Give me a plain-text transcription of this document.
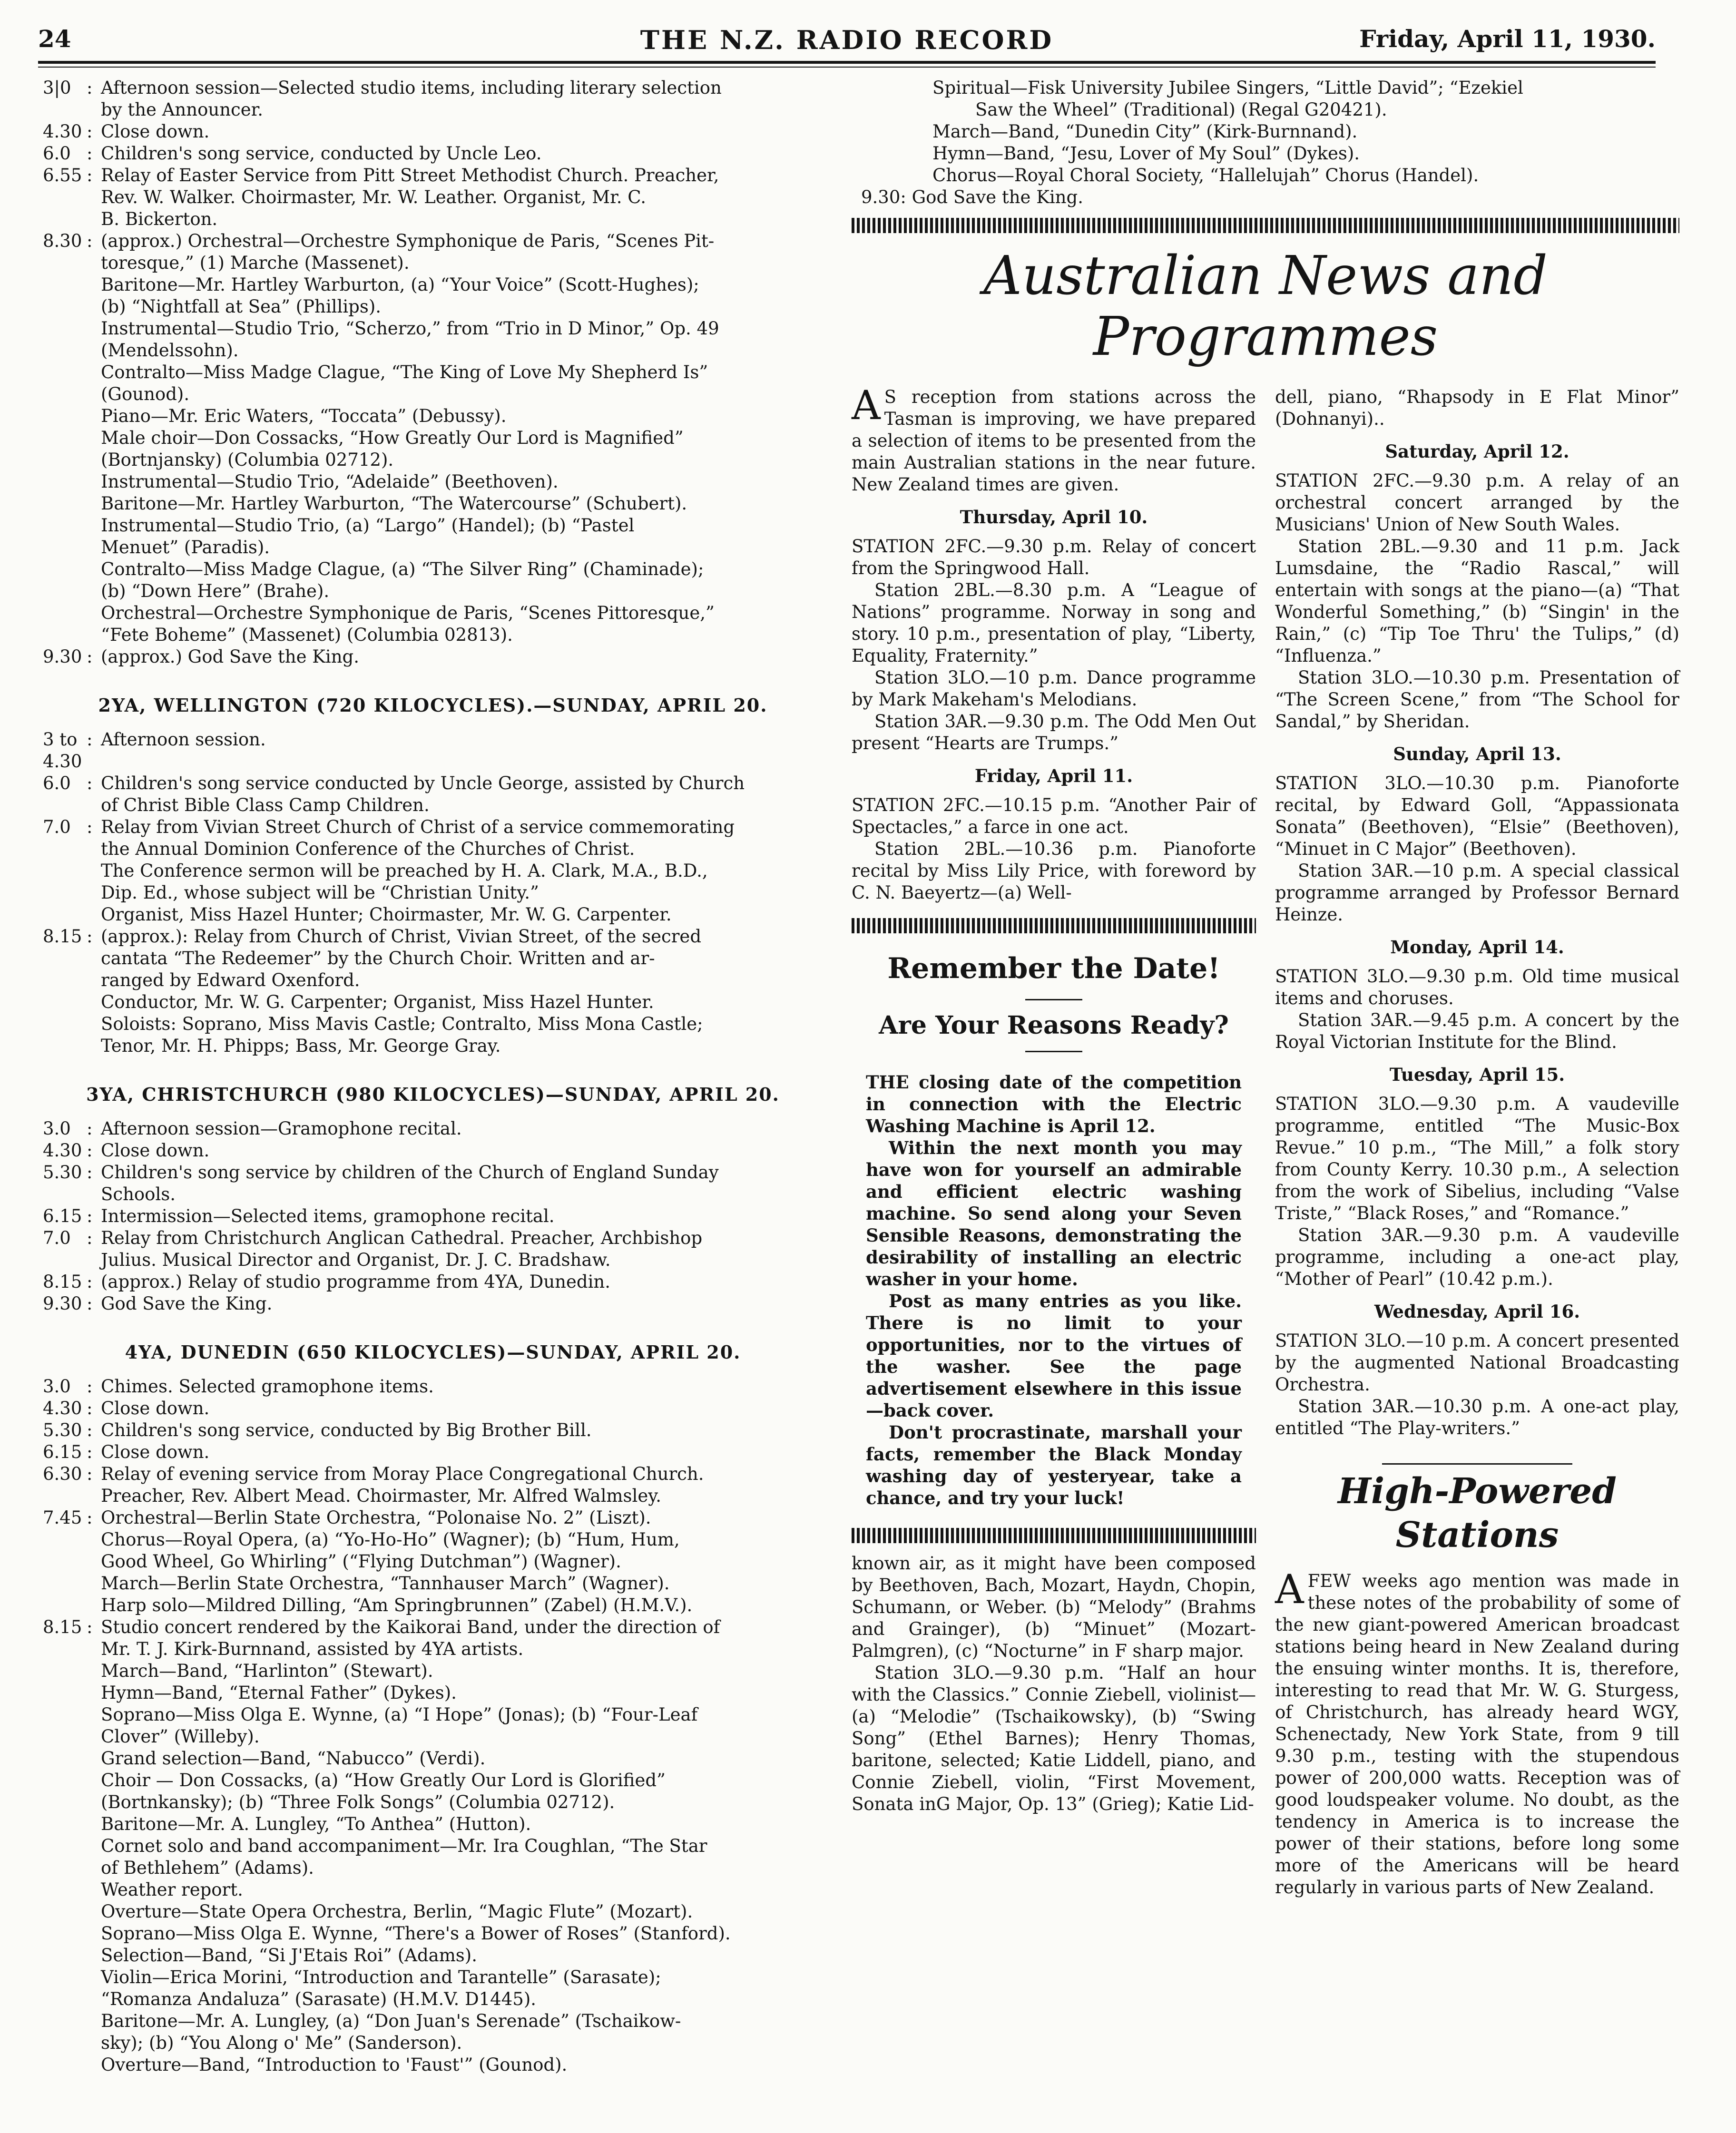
24	THE N.Z. RADIO RECORD	Friday, April 11, 1930.
3|0 : Afternoon session—Selected studio items, including literary selection

by the Announcer.

4.30 : Close down.
6.0 : Children's song service, conducted by Uncle Leo.
6.55 : Relay of Easter Service from Pitt Street Methodist Church. Preacher,

Rev. W. Walker. Choirmaster, Mr. W. Leather. Organist, Mr. C.

B. Bickerton.

8.30 : (approx.) Orchestral—Orchestre Symphonique de Paris, “Scenes Pit-

toresque,” (1) Marche (Massenet).

Baritone—Mr. Hartley Warburton, (a) “Your Voice” (Scott-Hughes);

(b) “Nightfall at Sea” (Phillips).

Instrumental—Studio Trio, “Scherzo,” from “Trio in D Minor,” Op. 49

(Mendelssohn).

Contralto—Miss Madge Clague, “The King of Love My Shepherd Is”

(Gounod).

Piano—Mr. Eric Waters, “Toccata” (Debussy).

Male choir—Don Cossacks, “How Greatly Our Lord is Magnified”

(Bortnjansky) (Columbia 02712).

Instrumental—Studio Trio, “Adelaide” (Beethoven).

Baritone—Mr. Hartley Warburton, “The Watercourse” (Schubert).

Instrumental—Studio Trio, (a) “Largo” (Handel); (b) “Pastel

Menuet” (Paradis).

Contralto—Miss Madge Clague, (a) “The Silver Ring” (Chaminade);

(b) “Down Here” (Brahe).

Orchestral—Orchestre Symphonique de Paris, “Scenes Pittoresque,”

“Fete Boheme” (Massenet) (Columbia 02813).

9.30 : (approx.) God Save the King.
2YA, WELLINGTON (720 KILOCYCLES).—SUNDAY, APRIL 20.
3 to 4.30
: Afternoon session.
6.0 : Children's song service conducted by Uncle George, assisted by Church

of Christ Bible Class Camp Children.

7.0 : Relay from Vivian Street Church of Christ of a service commemorating

the Annual Dominion Conference of the Churches of Christ.

The Conference sermon will be preached by H. A. Clark, M.A., B.D.,

Dip. Ed., whose subject will be “Christian Unity.”

Organist, Miss Hazel Hunter; Choirmaster, Mr. W. G. Carpenter.

8.15 : (approx.): Relay from Church of Christ, Vivian Street, of the secred

cantata “The Redeemer” by the Church Choir. Written and ar-

ranged by Edward Oxenford.

Conductor, Mr. W. G. Carpenter; Organist, Miss Hazel Hunter.

Soloists: Soprano, Miss Mavis Castle; Contralto, Miss Mona Castle;

Tenor, Mr. H. Phipps; Bass, Mr. George Gray.

3YA, CHRISTCHURCH (980 KILOCYCLES)—SUNDAY, APRIL 20.
3.0 : Afternoon session—Gramophone recital.
4.30 : Close down.
5.30 : Children's song service by children of the Church of England Sunday

Schools.

6.15 : Intermission—Selected items, gramophone recital.
7.0 : Relay from Christchurch Anglican Cathedral. Preacher, Archbishop

Julius. Musical Director and Organist, Dr. J. C. Bradshaw.

8.15 : (approx.) Relay of studio programme from 4YA, Dunedin.
9.30 : God Save the King.
4YA, DUNEDIN (650 KILOCYCLES)—SUNDAY, APRIL 20.
3.0 : Chimes. Selected gramophone items.
4.30 : Close down.
5.30 : Children's song service, conducted by Big Brother Bill.
6.15 : Close down.
6.30 : Relay of evening service from Moray Place Congregational Church.

Preacher, Rev. Albert Mead. Choirmaster, Mr. Alfred Walmsley.

7.45 : Orchestral—Berlin State Orchestra, “Polonaise No. 2” (Liszt).

Chorus—Royal Opera, (a) “Yo-Ho-Ho” (Wagner); (b) “Hum, Hum,

Good Wheel, Go Whirling” (“Flying Dutchman”) (Wagner).

March—Berlin State Orchestra, “Tannhauser March” (Wagner).

Harp solo—Mildred Dilling, “Am Springbrunnen” (Zabel) (H.M.V.).

8.15 : Studio concert rendered by the Kaikorai Band, under the direction of

Mr. T. J. Kirk-Burnnand, assisted by 4YA artists.

March—Band, “Harlinton” (Stewart).

Hymn—Band, “Eternal Father” (Dykes).

Soprano—Miss Olga E. Wynne, (a) “I Hope” (Jonas); (b) “Four-Leaf

Clover” (Willeby).

Grand selection—Band, “Nabucco” (Verdi).

Choir — Don Cossacks, (a) “How Greatly Our Lord is Glorified”

(Bortnkansky); (b) “Three Folk Songs” (Columbia 02712).

Baritone—Mr. A. Lungley, “To Anthea” (Hutton).

Cornet solo and band accompaniment—Mr. Ira Coughlan, “The Star

of Bethlehem” (Adams).

Weather report.

Overture—State Opera Orchestra, Berlin, “Magic Flute” (Mozart).

Soprano—Miss Olga E. Wynne, “There's a Bower of Roses” (Stanford).

Selection—Band, “Si J'Etais Roi” (Adams).

Violin—Erica Morini, “Introduction and Tarantelle” (Sarasate);

“Romanza Andaluza” (Sarasate) (H.M.V. D1445).

Baritone—Mr. A. Lungley, (a) “Don Juan's Serenade” (Tschaikow-

sky); (b) “You Along o' Me” (Sanderson).

Overture—Band, “Introduction to 'Faust'” (Gounod).

Spiritual—Fisk University Jubilee Singers, “Little David”; “Ezekiel

Saw the Wheel” (Traditional) (Regal G20421).

March—Band, “Dunedin City” (Kirk-Burnnand).

Hymn—Band, “Jesu, Lover of My Soul” (Dykes).

Chorus—Royal Choral Society, “Hallelujah” Chorus (Handel).

9.30: God Save the King.

Australian News and Programmes

A S reception from stations across the Tasman is improving, we have prepared a selection of items to be presented from the main Australian stations in the near future. New Zealand times are given.

Thursday, April 10.

STATION 2FC.—9.30 p.m. Relay of concert from the Springwood Hall.

Station 2BL.—8.30 p.m. A “League of Nations” programme. Norway in song and story. 10 p.m., presentation of play, “Liberty, Equality, Fraternity.”

Station 3LO.—10 p.m. Dance programme by Mark Makeham's Melodians.

Station 3AR.—9.30 p.m. The Odd Men Out present “Hearts are Trumps.”

Friday, April 11.

STATION 2FC.—10.15 p.m. “Another Pair of Spectacles,” a farce in one act.

Station 2BL.—10.36 p.m. Pianoforte recital by Miss Lily Price, with foreword by C. N. Baeyertz—(a) Well-

Remember the Date!
Are Your Reasons Ready?

THE closing date of the competition in connection with the Electric Washing Machine is April 12.

Within the next month you may have won for yourself an admirable and efficient electric washing machine. So send along your Seven Sensible Reasons, demonstrating the desirability of installing an electric washer in your home.

Post as many entries as you like. There is no limit to your opportunities, nor to the virtues of the washer. See the page advertisement elsewhere in this issue—back cover.

Don't procrastinate, marshall your facts, remember the Black Monday washing day of yesteryear, take a chance, and try your luck!

known air, as it might have been composed by Beethoven, Bach, Mozart, Haydn, Chopin, Schumann, or Weber. (b) “Melody” (Brahms and Grainger), (b) “Minuet” (Mozart-Palmgren), (c) “Nocturne” in F sharp major.

Station 3LO.—9.30 p.m. “Half an hour with the Classics.” Connie Ziebell, violinist—(a) “Melodie” (Tschaikowsky), (b) “Swing Song” (Ethel Barnes); Henry Thomas, baritone, selected; Katie Liddell, piano, and Connie Ziebell, violin, “First Movement, Sonata inG Major, Op. 13” (Grieg); Katie Lid-

dell, piano, “Rhapsody in E Flat Minor” (Dohnanyi)..

Saturday, April 12.

STATION 2FC.—9.30 p.m. A relay of an orchestral concert arranged by the Musicians' Union of New South Wales.

Station 2BL.—9.30 and 11 p.m. Jack Lumsdaine, the “Radio Rascal,” will entertain with songs at the piano—(a) “That Wonderful Something,” (b) “Singin' in the Rain,” (c) “Tip Toe Thru' the Tulips,” (d) “Influenza.”

Station 3LO.—10.30 p.m. Presentation of “The Screen Scene,” from “The School for Sandal,” by Sheridan.

Sunday, April 13.

STATION 3LO.—10.30 p.m. Pianoforte recital, by Edward Goll, “Appassionata Sonata” (Beethoven), “Elsie” (Beethoven), “Minuet in C Major” (Beethoven).

Station 3AR.—10 p.m. A special classical programme arranged by Professor Bernard Heinze.

Monday, April 14.

STATION 3LO.—9.30 p.m. Old time musical items and choruses.

Station 3AR.—9.45 p.m. A concert by the Royal Victorian Institute for the Blind.

Tuesday, April 15.

STATION 3LO.—9.30 p.m. A vaudeville programme, entitled “The Music-Box Revue.” 10 p.m., “The Mill,” a folk story from County Kerry. 10.30 p.m., A selection from the work of Sibelius, including “Valse Triste,” “Black Roses,” and “Romance.”

Station 3AR.—9.30 p.m. A vaudeville programme, including a one-act play, “Mother of Pearl” (10.42 p.m.).

Wednesday, April 16.

STATION 3LO.—10 p.m. A concert presented by the augmented National Broadcasting Orchestra.

Station 3AR.—10.30 p.m. A one-act play, entitled “The Play-writers.”

High-Powered Stations

AFEW weeks ago mention was made in these notes of the probability of some of the new giant-powered American broadcast stations being heard in New Zealand during the ensuing winter months. It is, therefore, interesting to read that Mr. W. G. Sturgess, of Christchurch, has already heard WGY, Schenectady, New York State, from 9 till 9.30 p.m., testing with the stupendous power of 200,000 watts. Reception was of good loudspeaker volume. No doubt, as the tendency in America is to increase the power of their stations, before long some more of the Americans will be heard regularly in various parts of New Zealand.
